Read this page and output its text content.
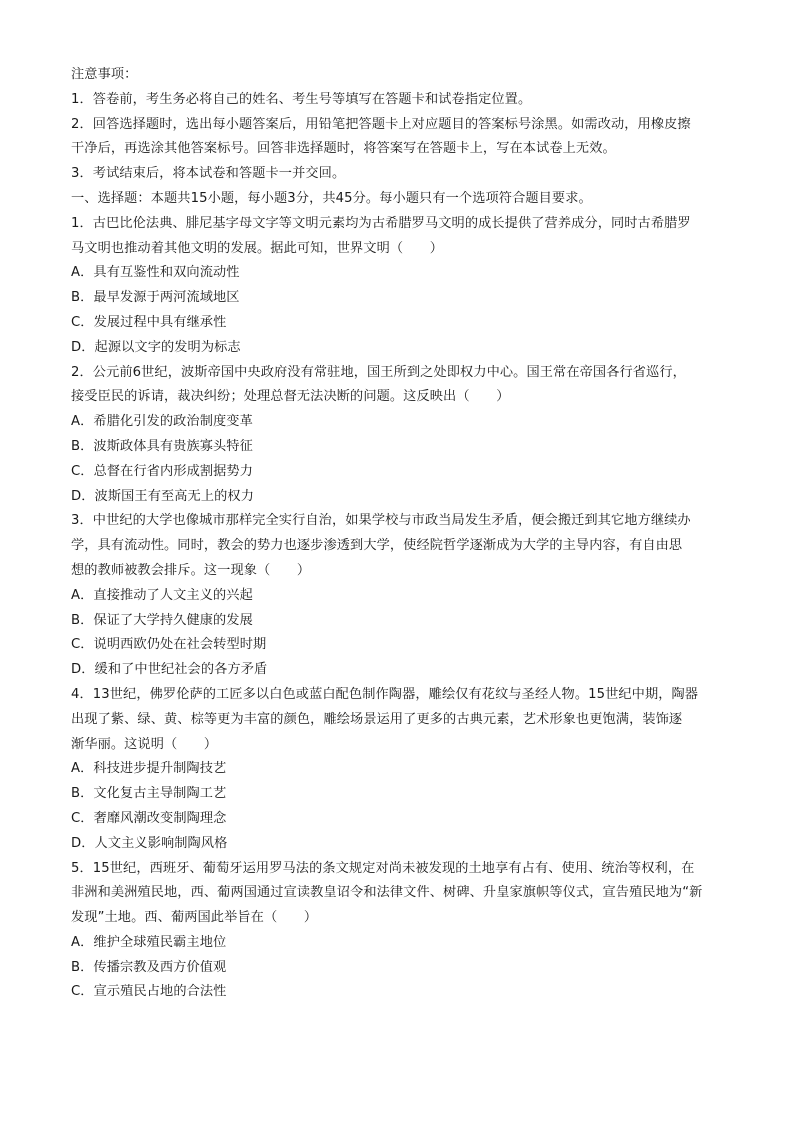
注意事项：
1．答卷前，考生务必将自己的姓名、考生号等填写在答题卡和试卷指定位置。
2．回答选择题时，选出每小题答案后，用铅笔把答题卡上对应题目的答案标号涂黑。如需改动，用橡皮擦
干净后，再选涂其他答案标号。回答非选择题时，将答案写在答题卡上，写在本试卷上无效。
3．考试结束后，将本试卷和答题卡一并交回。
一、选择题：本题共15小题，每小题3分，共45分。每小题只有一个选项符合题目要求。
1．古巴比伦法典、腓尼基字母文字等文明元素均为古希腊罗马文明的成长提供了营养成分，同时古希腊罗
马文明也推动着其他文明的发展。据此可知，世界文明（　　）
A．具有互鉴性和双向流动性
B．最早发源于两河流域地区
C．发展过程中具有继承性
D．起源以文字的发明为标志
2．公元前6世纪，波斯帝国中央政府没有常驻地，国王所到之处即权力中心。国王常在帝国各行省巡行，
接受臣民的诉请，裁决纠纷；处理总督无法决断的问题。这反映出（　　）
A．希腊化引发的政治制度变革
B．波斯政体具有贵族寡头特征
C．总督在行省内形成割据势力
D．波斯国王有至高无上的权力
3．中世纪的大学也像城市那样完全实行自治，如果学校与市政当局发生矛盾，便会搬迁到其它地方继续办
学，具有流动性。同时，教会的势力也逐步渗透到大学，使经院哲学逐渐成为大学的主导内容，有自由思
想的教师被教会排斥。这一现象（　　）
A．直接推动了人文主义的兴起
B．保证了大学持久健康的发展
C．说明西欧仍处在社会转型时期
D．缓和了中世纪社会的各方矛盾
4．13世纪，佛罗伦萨的工匠多以白色或蓝白配色制作陶器，雕绘仅有花纹与圣经人物。15世纪中期，陶器
出现了紫、绿、黄、棕等更为丰富的颜色，雕绘场景运用了更多的古典元素，艺术形象也更饱满，装饰逐
渐华丽。这说明（　　）
A．科技进步提升制陶技艺
B．文化复古主导制陶工艺
C．奢靡风潮改变制陶理念
D．人文主义影响制陶风格
5．15世纪，西班牙、葡萄牙运用罗马法的条文规定对尚未被发现的土地享有占有、使用、统治等权利，在
非洲和美洲殖民地，西、葡两国通过宣读教皇诏令和法律文件、树碑、升皇家旗帜等仪式，宣告殖民地为“新
发现”土地。西、葡两国此举旨在（　　）
A．维护全球殖民霸主地位
B．传播宗教及西方价值观
C．宣示殖民占地的合法性
